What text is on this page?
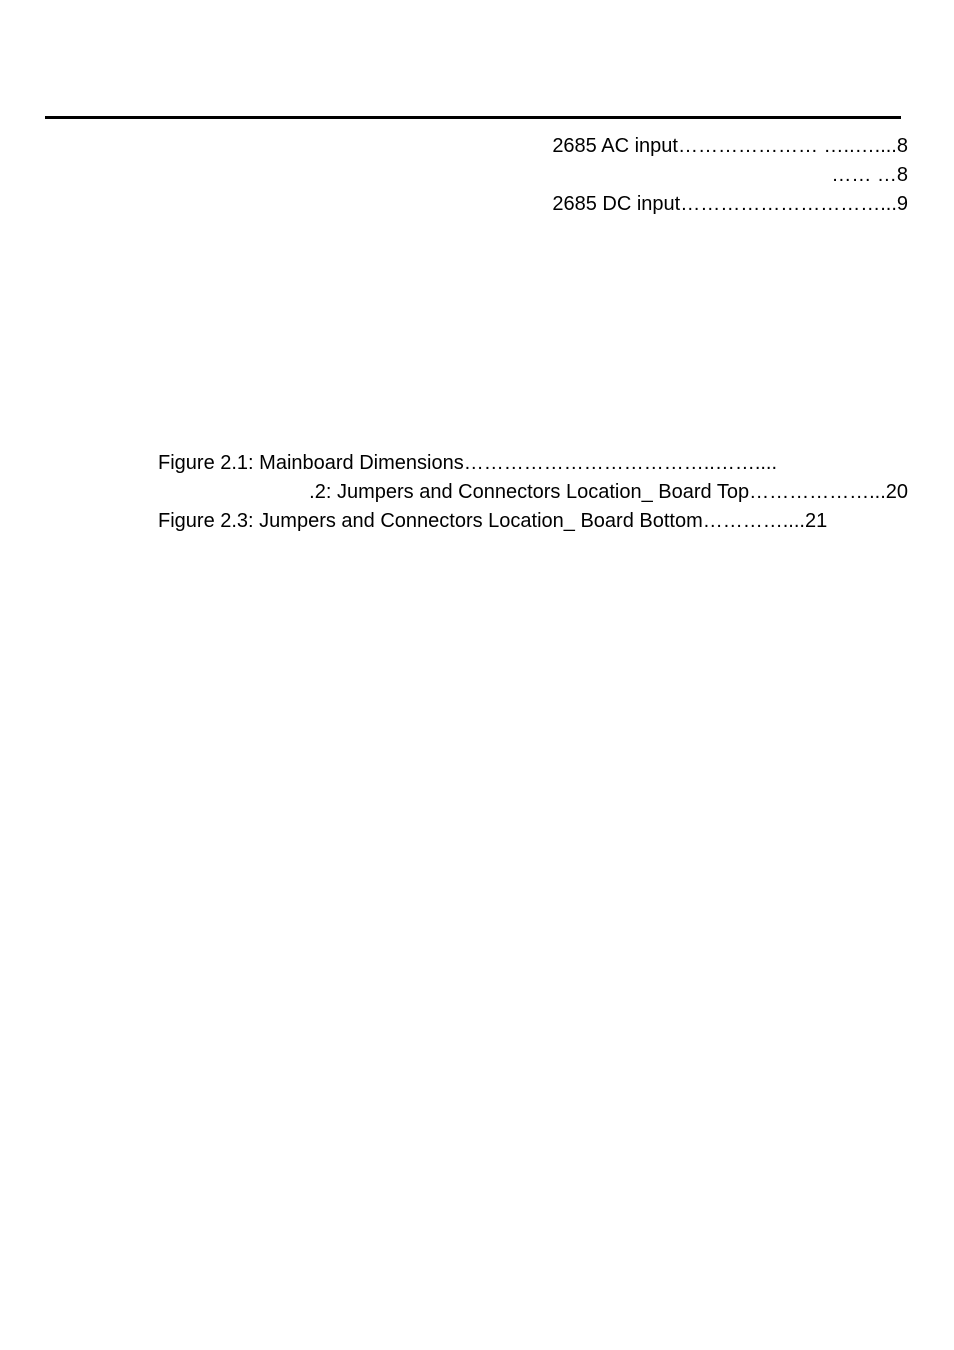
2685 AC input………………… …..…....8
…… …8
2685 DC input…………………………...9
Figure 2.1: Mainboard Dimensions………………………………..……....
.2: Jumpers and Connectors Location_ Board Top………………...20
Figure 2.3: Jumpers and Connectors Location_ Board Bottom…………....21
